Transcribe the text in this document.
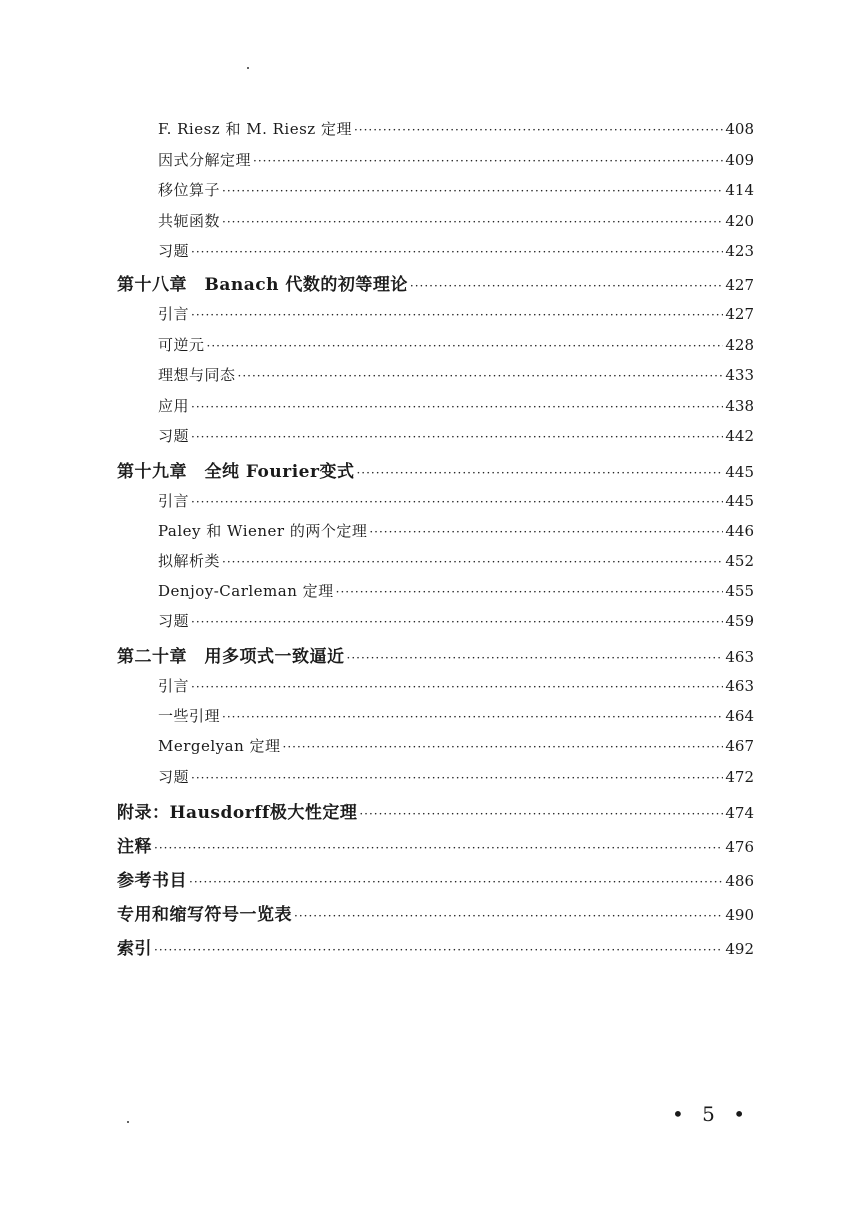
F. Riesz 和 M. Riesz 定理 ·····	408
因式分解定理 ·····	409
移位算子 ·····	414
共轭函数 ·····	420
习题 ·····	423
第十八章　Banach 代数的初等理论 ·····	427
引言 ·····	427
可逆元 ·····	428
理想与同态 ·····	433
应用 ·····	438
习题 ·····	442
第十九章　全纯 Fourier变式 ·····	445
引言 ·····	445
Paley 和 Wiener 的两个定理 ·····	446
拟解析类 ·····	452
Denjoy-Carleman 定理 ·····	455
习题 ·····	459
第二十章　用多项式一致逼近 ·····	463
引言 ·····	463
一些引理 ·····	464
Mergelyan 定理 ·····	467
习题 ·····	472
附录：Hausdorff极大性定理 ·····	474
注释 ·····	476
参考书目 ·····	486
专用和缩写符号一览表 ·····	490
索引 ·····	492
• 5 •
